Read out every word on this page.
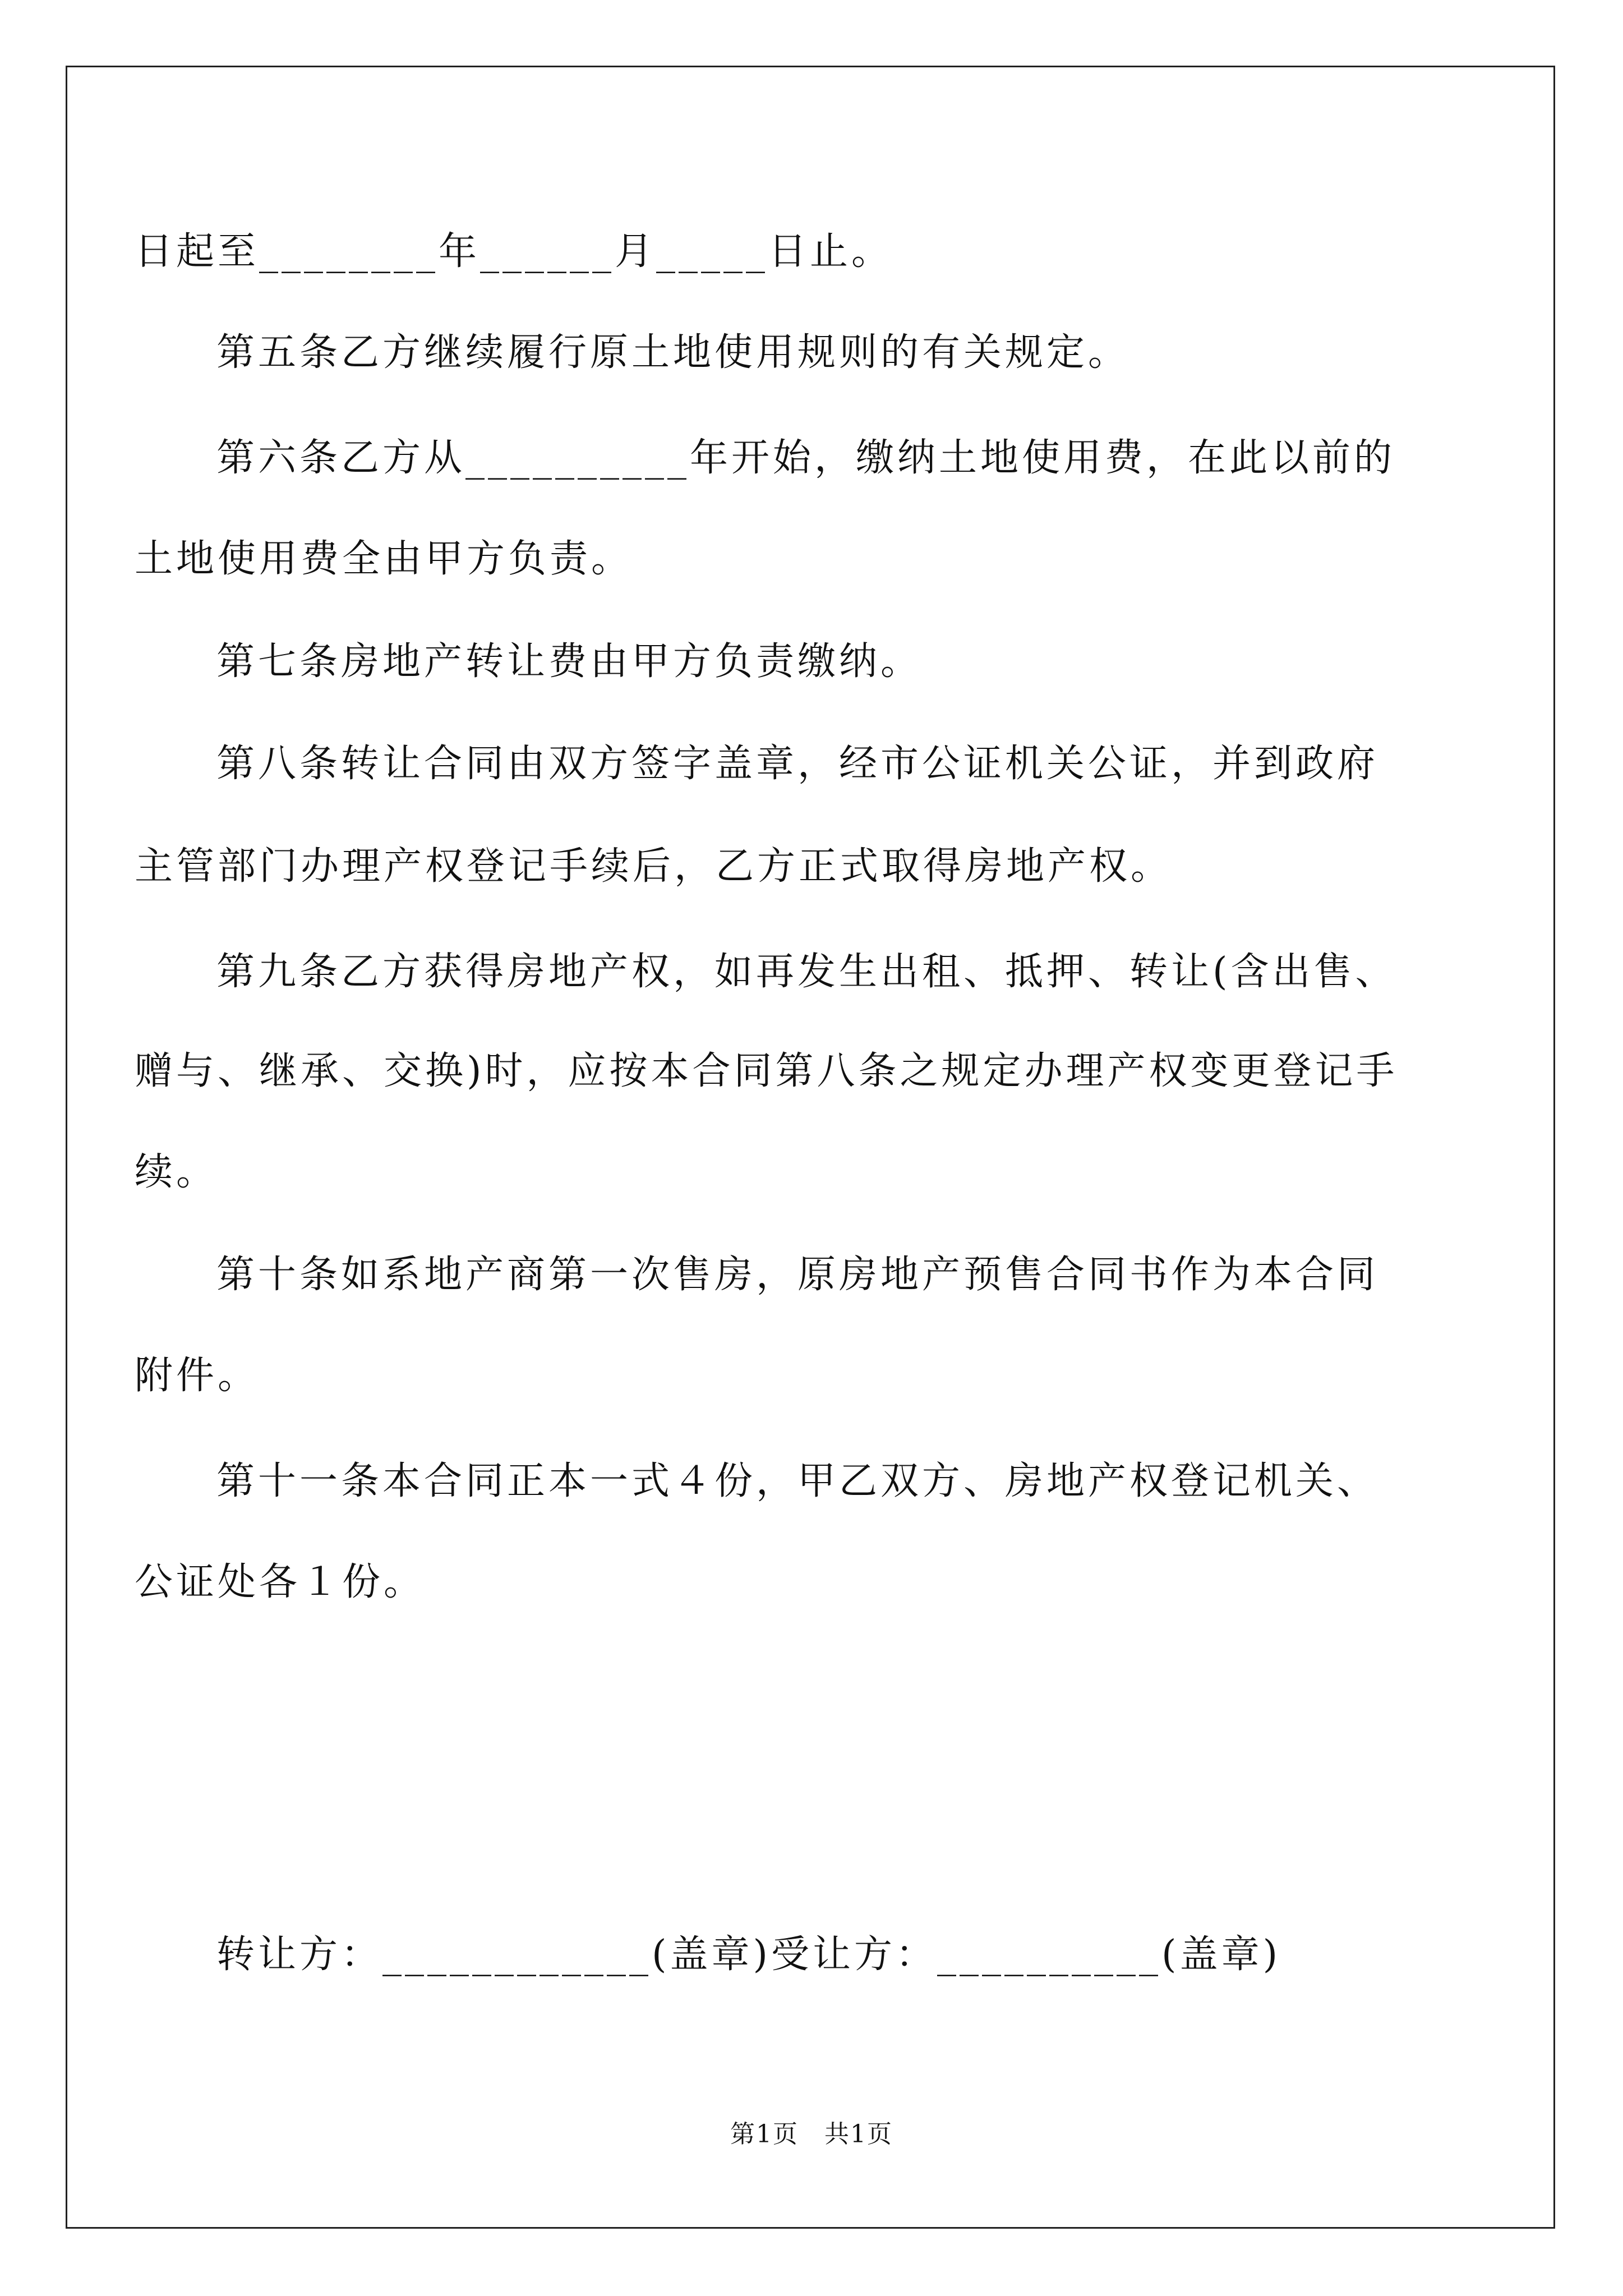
日起至________年______月_____日止。
第五条乙方继续履行原土地使用规则的有关规定。
第六条乙方从__________年开始，缴纳土地使用费，在此以前的
土地使用费全由甲方负责。
第七条房地产转让费由甲方负责缴纳。
第八条转让合同由双方签字盖章，经市公证机关公证，并到政府
主管部门办理产权登记手续后，乙方正式取得房地产权。
第九条乙方获得房地产权，如再发生出租、抵押、转让(含出售、
赠与、继承、交换)时，应按本合同第八条之规定办理产权变更登记手
续。
第十条如系地产商第一次售房，原房地产预售合同书作为本合同
附件。
第十一条本合同正本一式４份，甲乙双方、房地产权登记机关、
公证处各１份。
转让方：____________(盖章)受让方：__________(盖章)
第1页　共1页
